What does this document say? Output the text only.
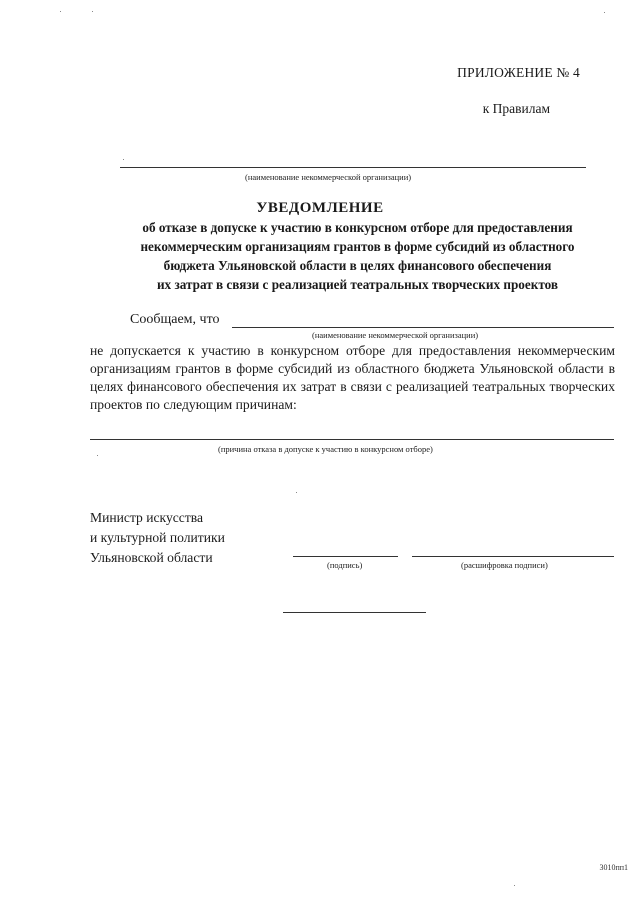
ПРИЛОЖЕНИЕ № 4
к Правилам
(наименование некоммерческой организации)
УВЕДОМЛЕНИЕ
об отказе в допуске к участию в конкурсном отборе для предоставления
некоммерческим организациям грантов в форме субсидий из областного
бюджета Ульяновской области в целях финансового обеспечения
их затрат в связи с реализацией театральных творческих проектов
Сообщаем, что
(наименование некоммерческой организации)
не допускается к участию в конкурсном отборе для предоставления некоммерческим организациям грантов в форме субсидий из областного бюджета Ульяновской области в целях финансового обеспечения их затрат в связи с реализацией театральных творческих проектов по следующим причинам:
(причина отказа в допуске к участию в конкурсном отборе)
Министр искусства
и культурной политики
Ульяновской области	(подпись)	(расшифровка подписи)
3010пп1
